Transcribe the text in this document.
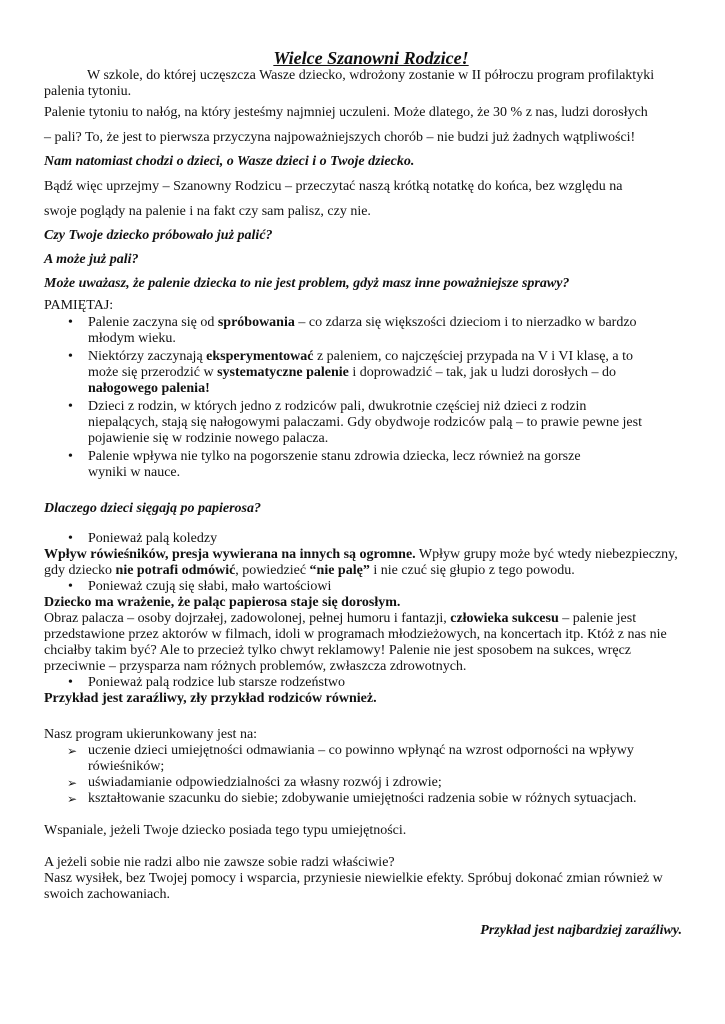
Wielce Szanowni Rodzice!

W szkole, do której uczęszcza Wasze dziecko, wdrożony zostanie w II półroczu program profilaktyki palenia tytoniu.

Palenie tytoniu to nałóg, na który jesteśmy najmniej uczuleni. Może dlatego, że 30 % z nas, ludzi dorosłych

– pali? To, że jest to pierwsza przyczyna najpoważniejszych chorób – nie budzi już żadnych wątpliwości!

Nam natomiast chodzi o dzieci, o Wasze dzieci i o Twoje dziecko.

Bądź więc uprzejmy – Szanowny Rodzicu – przeczytać naszą krótką notatkę do końca, bez względu na

swoje poglądy na palenie i na fakt czy sam palisz, czy nie.

Czy Twoje dziecko próbowało już palić?

A może już pali?

Może uważasz, że palenie dziecka to nie jest problem, gdyż masz inne poważniejsze sprawy?

PAMIĘTAJ:

• Palenie zaczyna się od spróbowania – co zdarza się większości dzieciom i to nierzadko w bardzo młodym wieku.
• Niektórzy zaczynają eksperymentować z paleniem, co najczęściej przypada na V i VI klasę, a to może się przerodzić w systematyczne palenie i doprowadzić – tak, jak u ludzi dorosłych – do nałogowego palenia!
• Dzieci z rodzin, w których jedno z rodziców pali, dwukrotnie częściej niż dzieci z rodzin niepalących, stają się nałogowymi palaczami. Gdy obydwoje rodziców palą – to prawie pewne jest pojawienie się w rodzinie nowego palacza.
• Palenie wpływa nie tylko na pogorszenie stanu zdrowia dziecka, lecz również na gorsze
wyniki w nauce.

Dlaczego dzieci sięgają po papierosa?

• Ponieważ palą koledzy

Wpływ rówieśników, presja wywierana na innych są ogromne. Wpływ grupy może być wtedy niebezpieczny, gdy dziecko nie potrafi odmówić, powiedzieć “nie palę” i nie czuć się głupio z tego powodu.

• Ponieważ czują się słabi, mało wartościowi

Dziecko ma wrażenie, że paląc papierosa staje się dorosłym.

Obraz palacza – osoby dojrzałej, zadowolonej, pełnej humoru i fantazji, człowieka sukcesu – palenie jest przedstawione przez aktorów w filmach, idoli w programach młodzieżowych, na koncertach itp. Któż z nas nie chciałby takim być? Ale to przecież tylko chwyt reklamowy! Palenie nie jest sposobem na sukces, wręcz przeciwnie – przysparza nam różnych problemów, zwłaszcza zdrowotnych.

• Ponieważ palą rodzice lub starsze rodzeństwo

Przykład jest zaraźliwy, zły przykład rodziców również.

Nasz program ukierunkowany jest na:

➢ uczenie dzieci umiejętności odmawiania – co powinno wpłynąć na wzrost odporności na wpływy rówieśników;
➢ uświadamianie odpowiedzialności za własny rozwój i zdrowie;
➢ kształtowanie szacunku do siebie; zdobywanie umiejętności radzenia sobie w różnych sytuacjach.

Wspaniale, jeżeli Twoje dziecko posiada tego typu umiejętności.

A jeżeli sobie nie radzi albo nie zawsze sobie radzi właściwie?

Nasz wysiłek, bez Twojej pomocy i wsparcia, przyniesie niewielkie efekty. Spróbuj dokonać zmian również w swoich zachowaniach.

Przykład jest najbardziej zaraźliwy.
